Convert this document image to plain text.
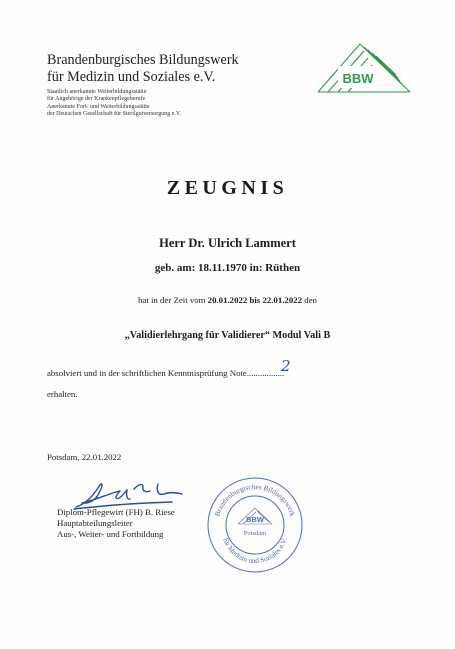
Brandenburgisches Bildungswerk
für Medizin und Soziales e.V.
Staatlich anerkannte Weiterbildungsstätte
für Angehörige der Krankenpflegeberufe
Anerkannte Fort- und Weiterbildungsstätte
der Deutschen Gesellschaft für Sterilgutversorgung e.V.
BBW
ZEUGNIS
Herr Dr. Ulrich Lammert
geb. am: 18.11.1970 in: Rüthen
hat in der Zeit vom 20.01.2022 bis 22.01.2022 den
„Validierlehrgang für Validierer“ Modul Vali B
absolviert und in der schriftlichen Kenntnisprüfung Note.................
2
erhalten.
Potsdam, 22.01.2022
Diplom-Pflegewirt (FH) B. Riese
Hauptabteilungsleiter
Aus-, Weiter- und Fortbildung
Brandenburgisches Bildungswerk
für Medizin und Soziales e.V.
BBW
Potsdam
